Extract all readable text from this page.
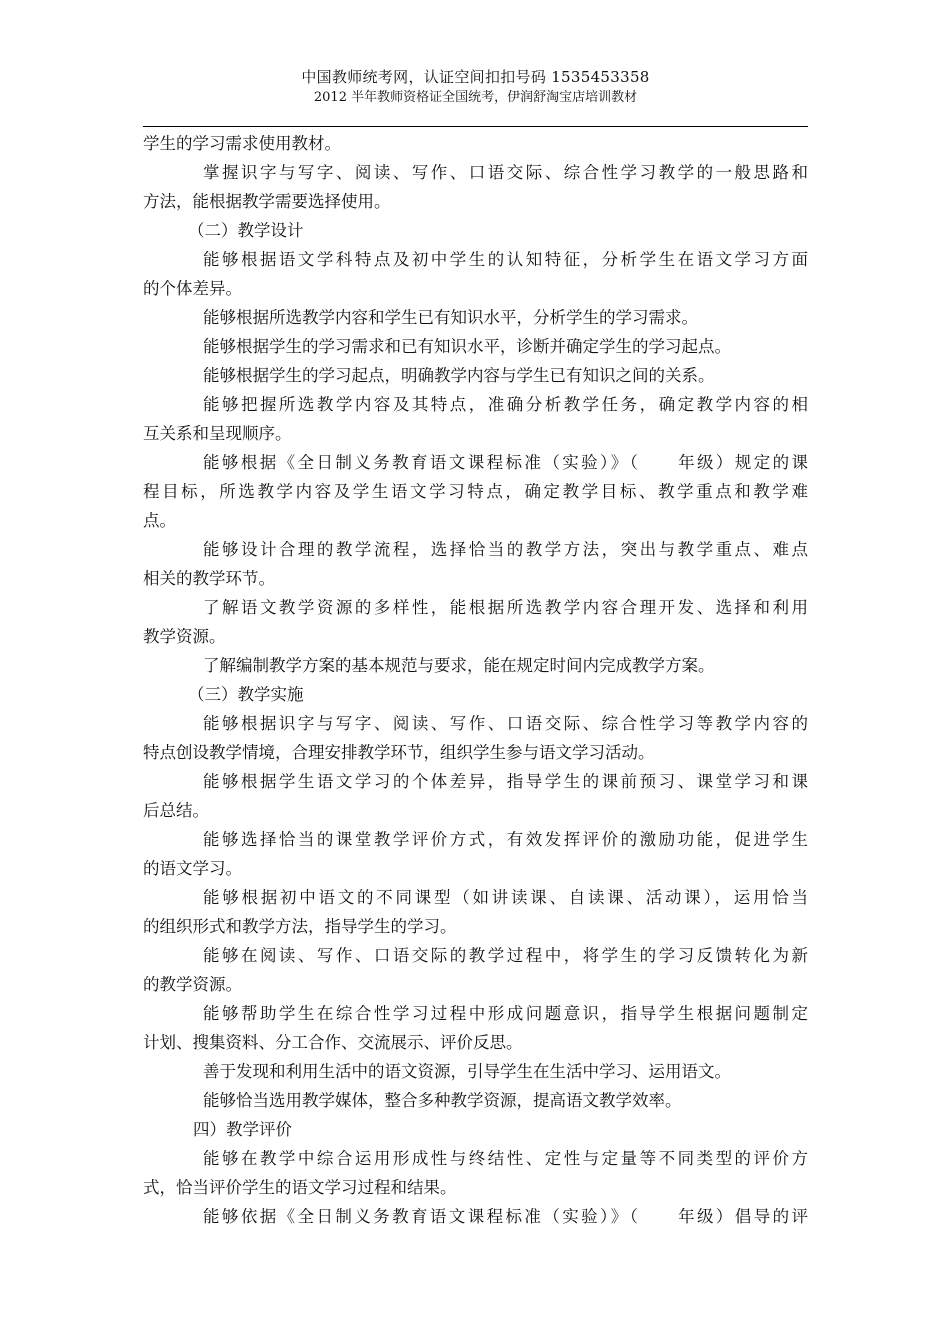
中国教师统考网，认证空间扣扣号码 1535453358
2012 半年教师资格证全国统考，伊润舒淘宝店培训教材
学生的学习需求使用教材。
掌握识字与写字、阅读、写作、口语交际、综合性学习教学的一般思路和
方法，能根据教学需要选择使用。
（二）教学设计
能够根据语文学科特点及初中学生的认知特征，分析学生在语文学习方面
的个体差异。
能够根据所选教学内容和学生已有知识水平，分析学生的学习需求。
能够根据学生的学习需求和已有知识水平，诊断并确定学生的学习起点。
能够根据学生的学习起点，明确教学内容与学生已有知识之间的关系。
能够把握所选教学内容及其特点，准确分析教学任务，确定教学内容的相
互关系和呈现顺序。
能够根据《全日制义务教育语文课程标准（实验）》（　　年级）规定的课
程目标，所选教学内容及学生语文学习特点，确定教学目标、教学重点和教学难
点。
能够设计合理的教学流程，选择恰当的教学方法，突出与教学重点、难点
相关的教学环节。
了解语文教学资源的多样性，能根据所选教学内容合理开发、选择和利用
教学资源。
了解编制教学方案的基本规范与要求，能在规定时间内完成教学方案。
（三）教学实施
能够根据识字与写字、阅读、写作、口语交际、综合性学习等教学内容的
特点创设教学情境，合理安排教学环节，组织学生参与语文学习活动。
能够根据学生语文学习的个体差异，指导学生的课前预习、课堂学习和课
后总结。
能够选择恰当的课堂教学评价方式，有效发挥评价的激励功能，促进学生
的语文学习。
能够根据初中语文的不同课型（如讲读课、自读课、活动课），运用恰当
的组织形式和教学方法，指导学生的学习。
能够在阅读、写作、口语交际的教学过程中，将学生的学习反馈转化为新
的教学资源。
能够帮助学生在综合性学习过程中形成问题意识，指导学生根据问题制定
计划、搜集资料、分工合作、交流展示、评价反思。
善于发现和利用生活中的语文资源，引导学生在生活中学习、运用语文。
能够恰当选用教学媒体，整合多种教学资源，提高语文教学效率。
四）教学评价
能够在教学中综合运用形成性与终结性、定性与定量等不同类型的评价方
式，恰当评价学生的语文学习过程和结果。
能够依据《全日制义务教育语文课程标准（实验）》（　　年级）倡导的评
